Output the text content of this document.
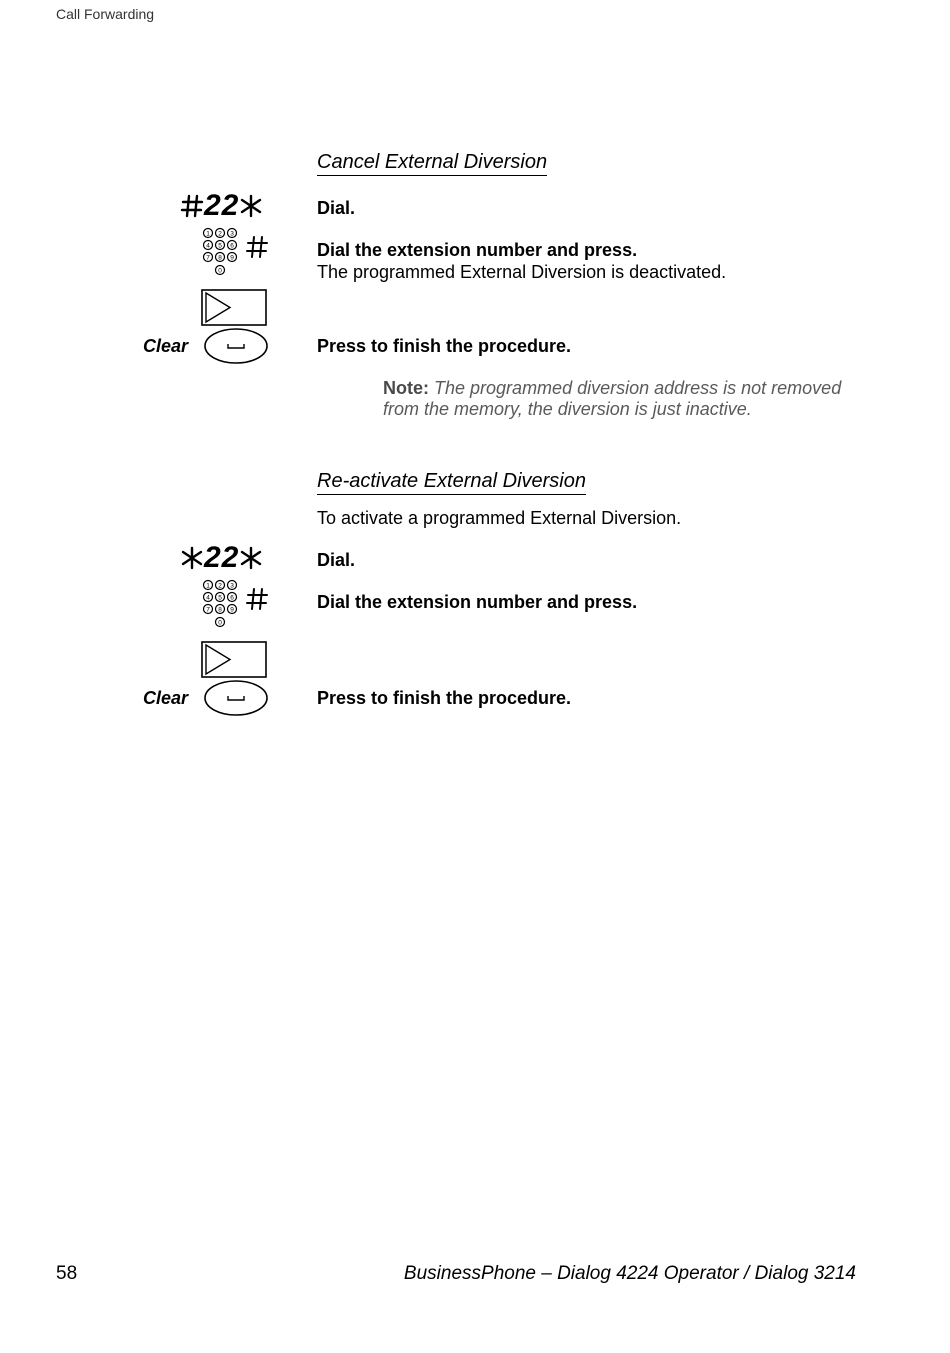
Call Forwarding
Cancel External Diversion
22	Dial.
1 2 3
4 5 6
7 8 9
0
Dial the extension number and press.
The programmed External Diversion is deactivated.
Clear	Press to finish the procedure.
Note: The programmed diversion address is not removed from the memory, the diversion is just inactive.
Re-activate External Diversion
To activate a programmed External Diversion.
22	Dial.
1 2 3
4 5 6
7 8 9
0
Dial the extension number and press.
Clear	Press to finish the procedure.
58	BusinessPhone – Dialog 4224 Operator / Dialog 3214
